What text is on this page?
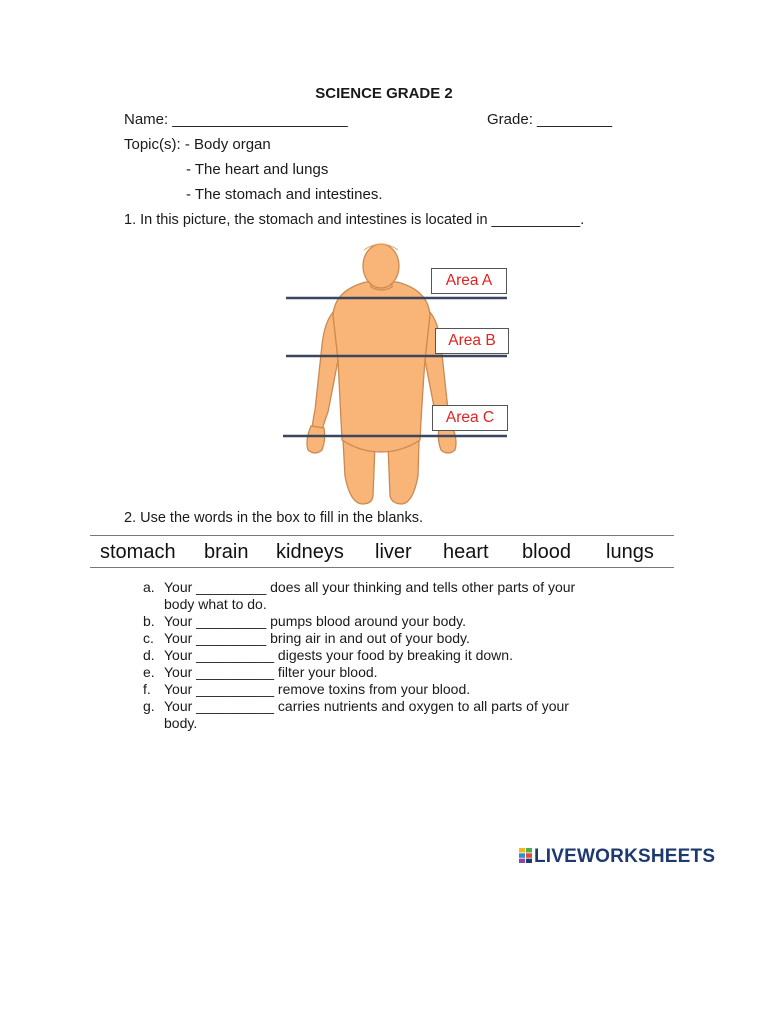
SCIENCE GRADE 2
Name: _____________________	Grade: _________
Topic(s): - Body organ
- The heart and lungs
- The stomach and intestines.
1. In this picture, the stomach and intestines is located in ___________.
Area A
Area B
Area C
2. Use the words in the box to fill in the blanks.
stomach brain kidneys liver heart blood lungs
a. Your _________ does all your thinking and tells other parts of your
body what to do.
b. Your _________ pumps blood around your body.
c. Your _________ bring air in and out of your body.
d. Your __________ digests your food by breaking it down.
e. Your __________ filter your blood.
f. Your __________ remove toxins from your blood.
g. Your __________ carries nutrients and oxygen to all parts of your
body.
LIVEWORKSHEETS
